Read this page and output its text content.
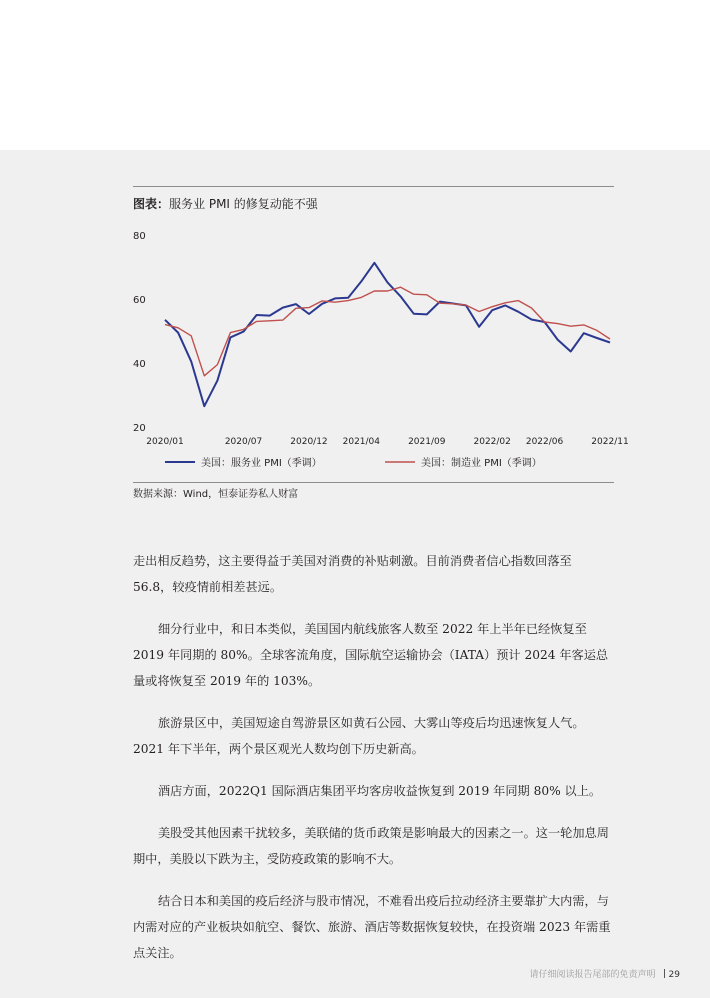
图表：服务业 PMI 的修复动能不强
20
40
60
80
2020/01	2020/07	2020/12 2021/04	2021/09	2022/02 2022/06	2022/11
美国：服务业 PMI（季调）	美国：制造业 PMI（季调）
数据来源：Wind，恒泰证券私人财富

走出相反趋势，这主要得益于美国对消费的补贴刺激。目前消费者信心指数回落至 56.8，较疫情前相差甚远。

细分行业中，和日本类似，美国国内航线旅客人数至 2022 年上半年已经恢复至 2019 年同期的 80%。全球客流角度，国际航空运输协会（IATA）预计 2024 年客运总量或将恢复至 2019 年的 103%。

旅游景区中，美国短途自驾游景区如黄石公园、大雾山等疫后均迅速恢复人气。2021 年下半年，两个景区观光人数均创下历史新高。

酒店方面，2022Q1 国际酒店集团平均客房收益恢复到 2019 年同期 80% 以上。

美股受其他因素干扰较多，美联储的货币政策是影响最大的因素之一。这一轮加息周期中，美股以下跌为主，受防疫政策的影响不大。

结合日本和美国的疫后经济与股市情况，不难看出疫后拉动经济主要靠扩大内需，与内需对应的产业板块如航空、餐饮、旅游、酒店等数据恢复较快，在投资端 2023 年需重点关注。

请仔细阅读报告尾部的免责声明 29
